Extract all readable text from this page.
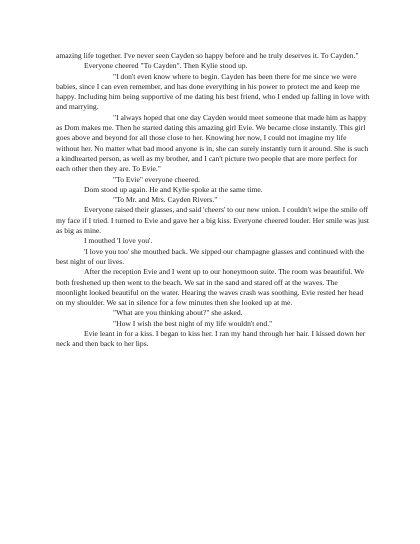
amazing life together. I've never seen Cayden so happy before and he truly deserves it. To Cayden."

Everyone cheered "To Cayden". Then Kylie stood up.

"I don't even know where to begin. Cayden has been there for me since we were babies, since I can even remember, and has done everything in his power to protect me and keep me happy. Including him being supportive of me dating his best friend, who I ended up falling in love with and marrying.

"I always hoped that one day Cayden would meet someone that made him as happy as Dom makes me. Then he started dating this amazing girl Evie. We became close instantly. This girl goes above and beyond for all those close to her. Knowing her now, I could not imagine my life without her. No matter what bad mood anyone is in, she can surely instantly turn it around. She is such a kindhearted person, as well as my brother, and I can't picture two people that are more perfect for each other then they are. To Evie."

"To Evie" everyone cheered.

Dom stood up again. He and Kylie spoke at the same time.

"To Mr. and Mrs. Cayden Rivers."

Everyone raised their glasses, and said 'cheers' to our new union. I couldn't wipe the smile off my face if I tried. I turned to Evie and gave her a big kiss. Everyone cheered louder. Her smile was just as big as mine.

I mouthed 'I love you'.

'I love you too' she mouthed back. We sipped our champagne glasses and continued with the best night of our lives.

After the reception Evie and I went up to our honeymoon suite. The room was beautiful. We both freshened up then went to the beach. We sat in the sand and stared off at the waves. The moonlight looked beautiful on the water. Hearing the waves crash was soothing. Evie rested her head on my shoulder. We sat in silence for a few minutes then she looked up at me.

"What are you thinking about?" she asked.

"How I wish the best night of my life wouldn't end."

Evie leant in for a kiss. I began to kiss her. I ran my hand through her hair. I kissed down her neck and then back to her lips.
